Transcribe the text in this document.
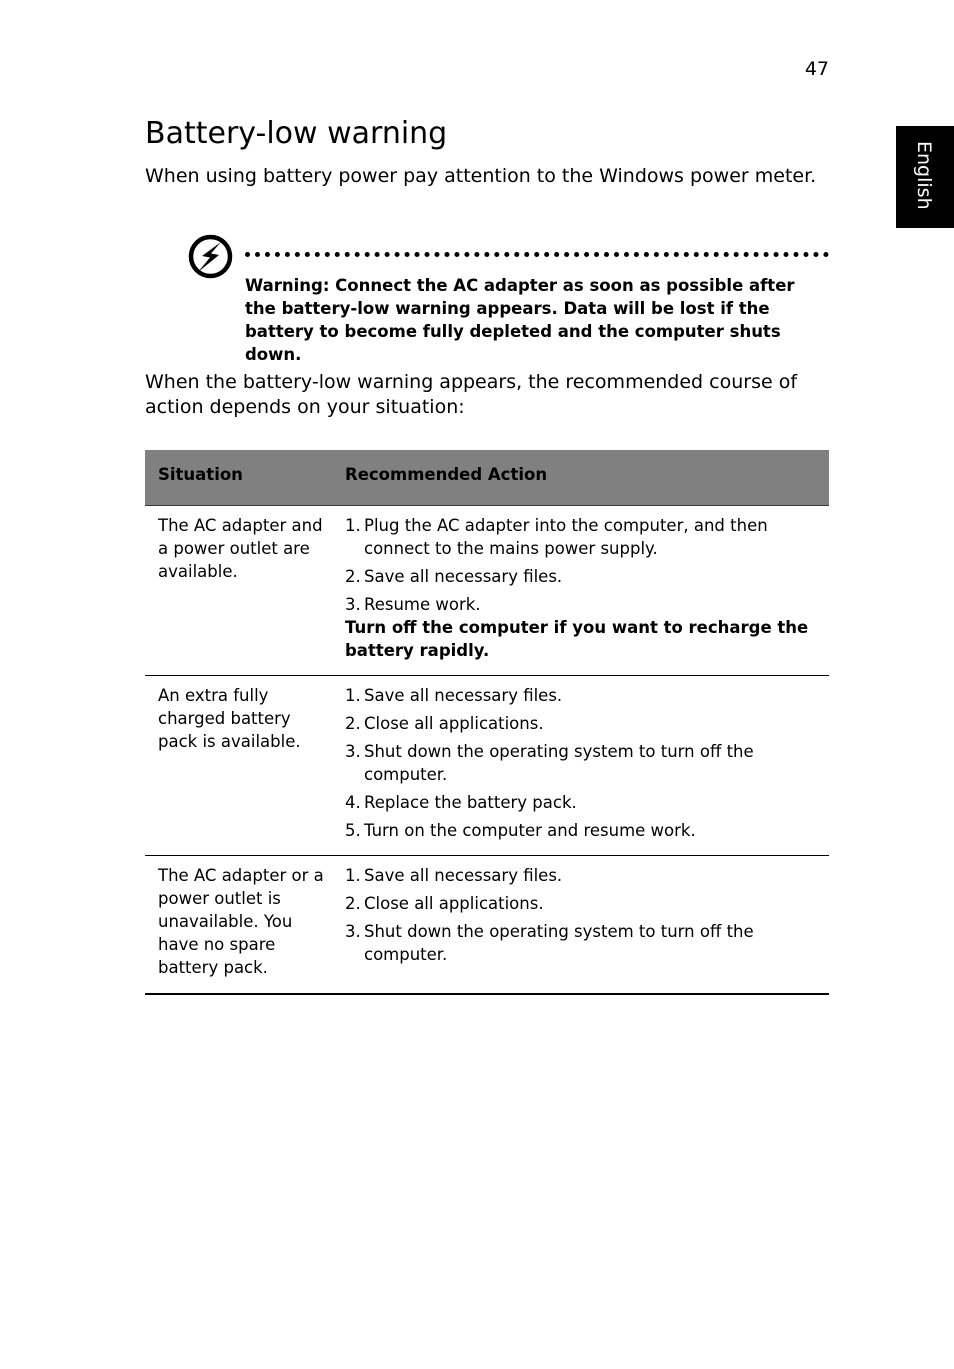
47
English
Battery-low warning

When using battery power pay attention to the Windows power meter.

Warning: Connect the AC adapter as soon as possible after the battery-low warning appears. Data will be lost if the battery to become fully depleted and the computer shuts down.

When the battery-low warning appears, the recommended course of action depends on your situation:

Situation	Recommended Action
The AC adapter and a power outlet are available.
1. Plug the AC adapter into the computer, and then connect to the mains power supply.
2. Save all necessary files.
3. Resume work.
Turn off the computer if you want to recharge the battery rapidly.
An extra fully charged battery pack is available.
1. Save all necessary files.
2. Close all applications.
3. Shut down the operating system to turn off the computer.
4. Replace the battery pack.
5. Turn on the computer and resume work.
The AC adapter or a power outlet is unavailable. You have no spare battery pack.
1. Save all necessary files.
2. Close all applications.
3. Shut down the operating system to turn off the computer.
